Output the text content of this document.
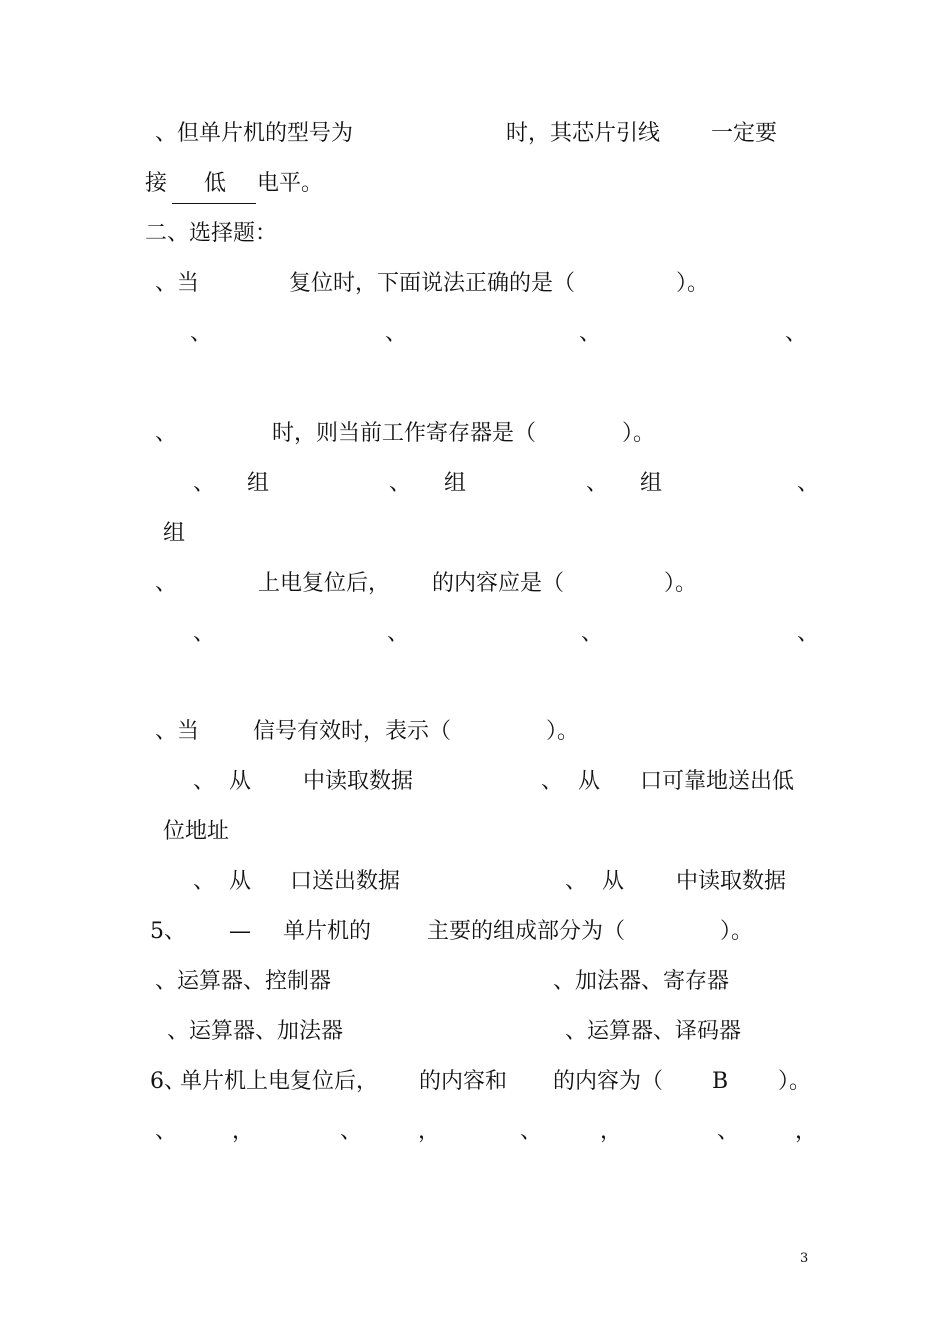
、但单片机的型号为	时，其芯片引线 一定要
接 低 电平。
二、选择题：
、当	复位时，下面说法正确的是（	）。
、	、	、	、
、	时，则当前工作寄存器是（	）。
、 组	、 组	、 组	、
组
、	上电复位后， 的内容应是（	）。
、	、	、	、
、当 信号有效时，表示（	）。
、 从 中读取数据	、 从 口可靠地送出低
位地址
、 从 口送出数据	、 从 中读取数据
5、 — 单片机的	主要的组成部分为（	）。
、运算器、控制器	、加法器、寄存器
、运算器、加法器	、运算器、译码器
6、
单片机上电复位后， 的内容和 的内容为（ B ）。
、 ，	、	，	、	，	、	，
3
